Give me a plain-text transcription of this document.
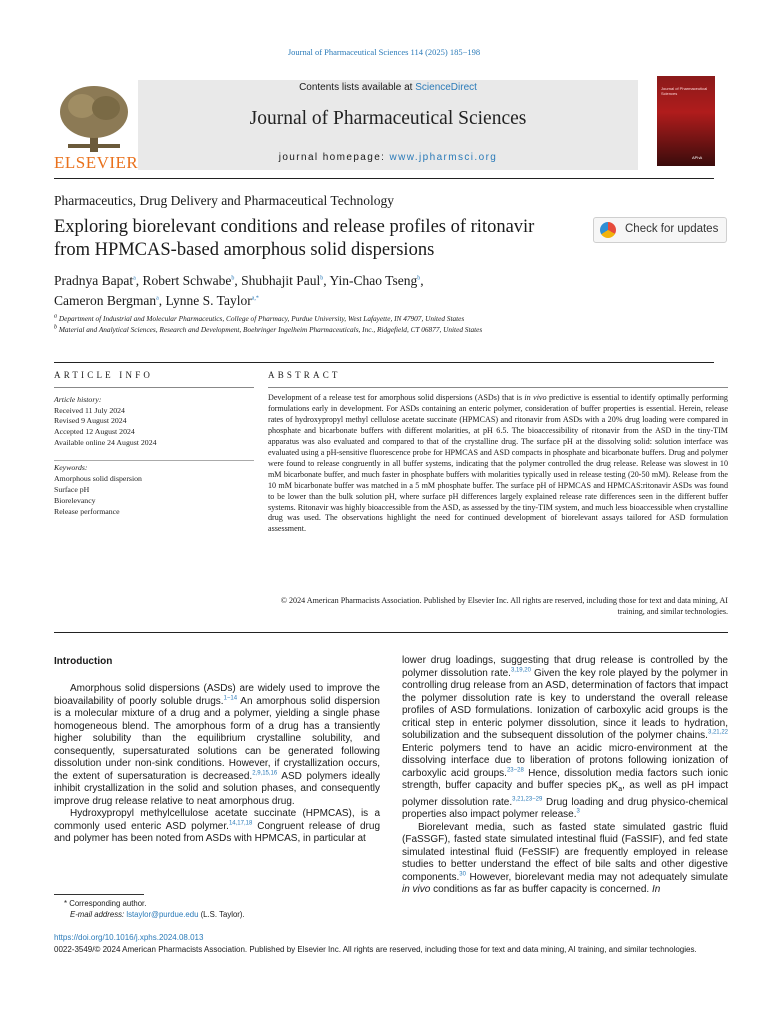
Journal of Pharmaceutical Sciences 114 (2025) 185−198
ELSEVIER
Contents lists available at ScienceDirect
Journal of Pharmaceutical Sciences
journal homepage: www.jpharmsci.org
Journal of Pharmaceutical Sciences
APhA
Pharmaceutics, Drug Delivery and Pharmaceutical Technology
Exploring biorelevant conditions and release profiles of ritonavir from HPMCAS-based amorphous solid dispersions
Check for updates
Pradnya Bapat$^a$, Robert Schwabe$^b$, Shubhajit Paul$^b$, Yin-Chao Tseng$^b$,
Cameron Bergman$^a$, Lynne S. Taylor$^{a,*}$
$^a$ Department of Industrial and Molecular Pharmaceutics, College of Pharmacy, Purdue University, West Lafayette, IN 47907, United States
$^b$ Material and Analytical Sciences, Research and Development, Boehringer Ingelheim Pharmaceuticals, Inc., Ridgefield, CT 06877, United States
ARTICLE INFO	ABSTRACT
Article history:
Received 11 July 2024
Revised 9 August 2024
Accepted 12 August 2024
Available online 24 August 2024
Keywords:
Amorphous solid dispersion
Surface pH
Biorelevancy
Release performance
Development of a release test for amorphous solid dispersions (ASDs) that is in vivo predictive is essential to identify optimally performing formulations early in development. For ASDs containing an enteric polymer, consideration of buffer properties is essential. Herein, release rates of hydroxypropyl methyl cellulose acetate succinate (HPMCAS) and ritonavir from ASDs with a 20% drug loading were compared in phosphate and bicarbonate buffers with different molarities, at pH 6.5. The bioaccessibility of ritonavir from the ASD in the tiny-TIM apparatus was also evaluated and compared to that of the crystalline drug. The surface pH at the dissolving solid: solution interface was evaluated using a pH-sensitive fluorescence probe for HPMCAS and ASD compacts in phosphate and bicarbonate buffers. Drug and polymer were found to release congruently in all buffer systems, indicating that the polymer controlled the drug release. Release was slowest in 10 mM bicarbonate buffer, and much faster in phosphate buffers with molarities typically used in release testing (20-50 mM). Release from the 10 mM bicarbonate buffer was matched in a 5 mM phosphate buffer. The surface pH of HPMCAS and HPMCAS:ritonavir ASDs was found to be lower than the bulk solution pH, where surface pH differences largely explained release rate differences seen in the different buffer systems. Ritonavir was highly bioaccessible from the ASD, as assessed by the tiny-TIM system, and much less bioaccessible when crystalline drug was used. The observations highlight the need for continued development of biorelevant assays tailored for ASD formulation assessment.
© 2024 American Pharmacists Association. Published by Elsevier Inc. All rights are reserved, including those for text and data mining, AI training, and similar technologies.
Introduction

Amorphous solid dispersions (ASDs) are widely used to improve the bioavailability of poorly soluble drugs.$^{1-14}$ An amorphous solid dispersion is a molecular mixture of a drug and a polymer, yielding a single phase homogeneous blend. The amorphous form of a drug has a transiently higher solubility than the equilibrium crystalline solubility, and consequently, supersaturated solutions can be generated following dissolution under non-sink conditions. However, if crystallization occurs, the extent of supersaturation is decreased.$^{2,9,15,16}$ ASD polymers ideally inhibit crystallization in the solid and solution phases, and consequently improve drug release relative to neat amorphous drug.

Hydroxypropyl methylcellulose acetate succinate (HPMCAS), is a commonly used enteric ASD polymer.$^{14,17,18}$ Congruent release of drug and polymer has been noted from ASDs with HPMCAS, in particular at

lower drug loadings, suggesting that drug release is controlled by the polymer dissolution rate.$^{3,19,20}$ Given the key role played by the polymer in controlling drug release from an ASD, determination of factors that impact the polymer dissolution rate is key to understand the overall release profiles of ASD formulations. Ionization of carboxylic acid groups is the critical step in enteric polymer dissolution, since it leads to hydration, solubilization and the subsequent dissolution of the polymer chains.$^{3,21,22}$ Enteric polymers tend to have an acidic micro-environment at the dissolving interface due to liberation of protons following ionization of carboxylic acid groups.$^{23-28}$ Hence, dissolution media factors such ionic strength, buffer capacity and buffer species $pK_a$, as well as pH impact polymer dissolution rate.$^{3,21,23-29}$ Drug loading and drug physico-chemical properties also impact polymer release.$^3$

Biorelevant media, such as fasted state simulated gastric fluid (FaSSGF), fasted state simulated intestinal fluid (FaSSIF), and fed state simulated intestinal fluid (FeSSIF) are frequently employed in release studies to better understand the effect of bile salts and other digestive components.$^{30}$ However, biorelevant media may not adequately simulate in vivo conditions as far as buffer capacity is concerned. In

* Corresponding author.
E-mail address: lstaylor@purdue.edu (L.S. Taylor).
https://doi.org/10.1016/j.xphs.2024.08.013
0022-3549/© 2024 American Pharmacists Association. Published by Elsevier Inc. All rights are reserved, including those for text and data mining, AI training, and similar technologies.
